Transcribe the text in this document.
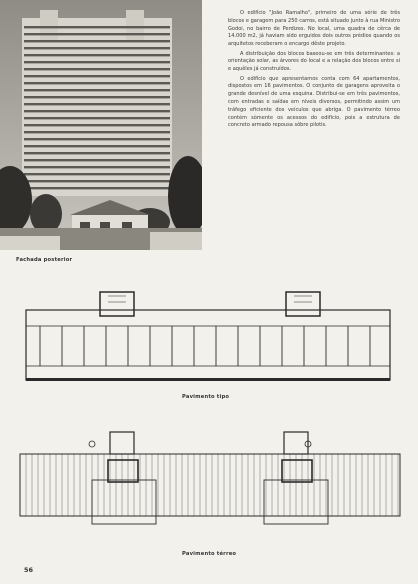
Fachada posterior

O edifício "João Ramalho", primeiro de uma série de três blocos e garagem para 250 carros, está situado junto à rua Ministro Godoi, no bairro de Perdizes. No local, uma quadra de cêrca de 14.000 m2, já haviam sido erguidos dois outros prédios quando os arquitetos receberam o encargo dêste projeto.

A distribuição dos blocos baseou-se em três determinantes: a orientação solar, as árvores do local e a relação dos blocos entre si e aquêles já construídos.

O edifício que apresentamos conta com 64 apartamentos, dispostos em 16 pavimentos. O conjunto de garagens aproveita o grande desnível de uma esquina. Distribui-se em três pavimentos, com entradas e saídas em níveis diversos, permitindo assim um tráfego eficiente dos veículos que abriga. O pavimento térreo contém sòmente os acessos do edifício, pois a estrutura de concreto armado repousa sôbre pilotis.

Pavimento tipo
Pavimento térreo
56
